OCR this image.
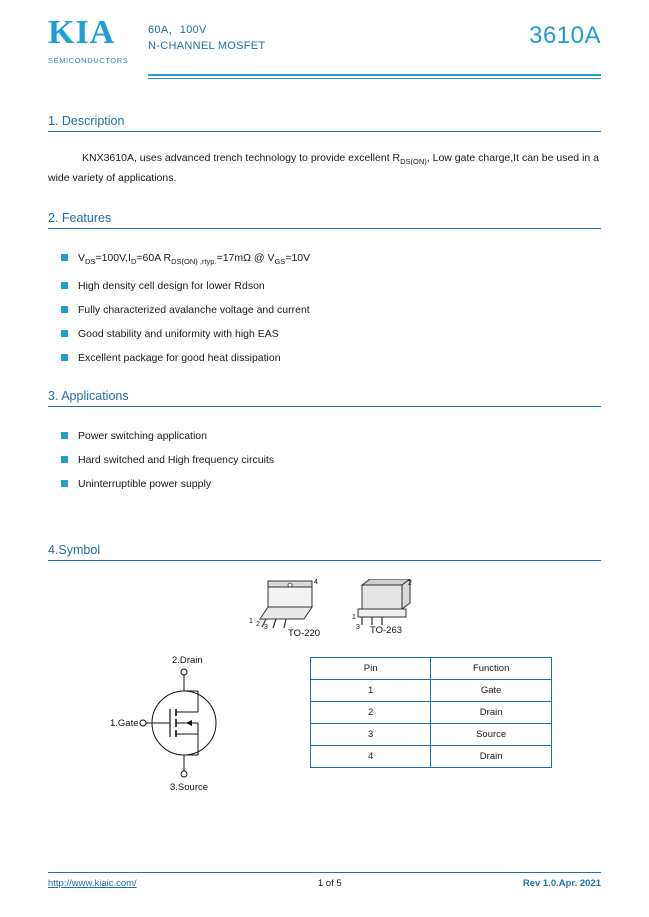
KIA
SEMICONDUCTORS
60A，100V
N-CHANNEL MOSFET	3610A
1. Description

KNX3610A, uses advanced trench technology to provide excellent $R_{DS(ON)}$, Low gate charge,It can be used in a wide variety of applications.

2. Features
$V_{DS}=100V,I_D=60A$ $R_{DS(ON) ,rtyp.}=17m\Omega$ @ $V_{GS}=10V$
High density cell design for lower Rdson
Fully characterized avalanche voltage and current
Good stability and uniformity with high EAS
Excellent package for good heat dissipation
3. Applications
Power switching application
Hard switched and High frequency circuits
Uninterruptible power supply
4.Symbol
4
1 2 3
2
1
3
TO-220	TO-263
2.Drain
1.Gate
3.Source
Pin	Function
1	Gate
2	Drain
3	Source
4	Drain
http://www.kiaic.com/	1 of 5	Rev 1.0.Apr. 2021
